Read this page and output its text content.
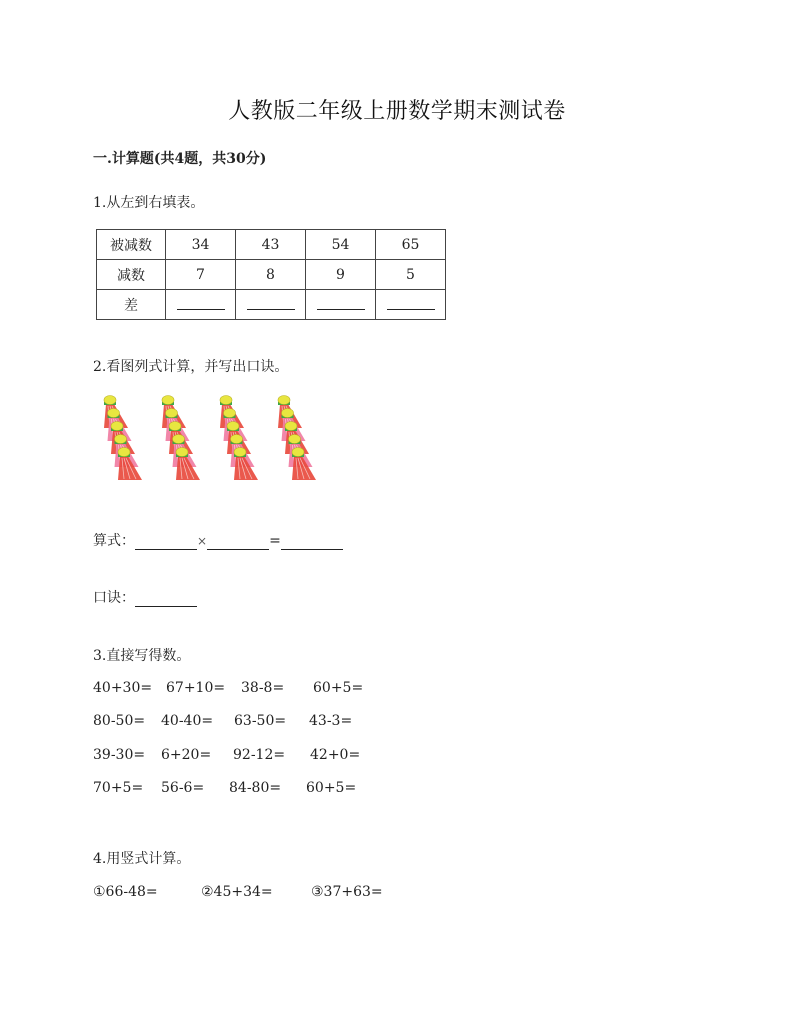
人教版二年级上册数学期末测试卷
一.计算题(共4题，共30分)
1.从左到右填表。
被减数	34	43	54	65
减数	7	8	9	5
差				
2.看图列式计算，并写出口诀。
算式：	×	=
口诀：
3.直接写得数。
40+30= 67+10= 38-8= 60+5=
80-50= 40-40= 63-50= 43-3=
39-30= 6+20= 92-12= 42+0=
70+5= 56-6= 84-80= 60+5=
4.用竖式计算。
①66-48=	②45+34=	③37+63=
